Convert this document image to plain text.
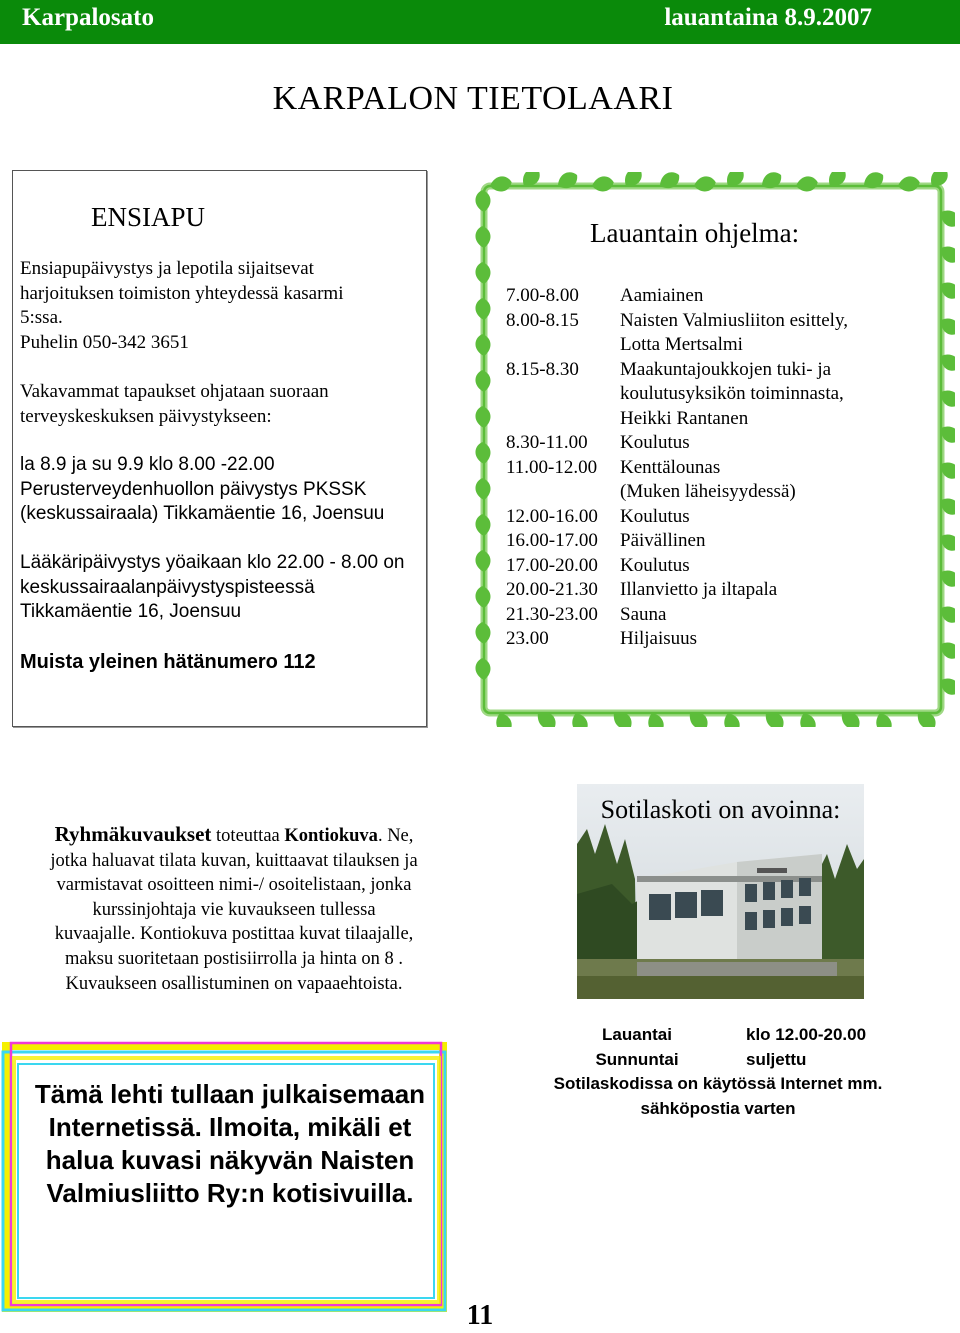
Karpalosato	lauantaina 8.9.2007
KARPALON TIETOLAARI
ENSIAPU
Ensiapupäivystys ja lepotila sijaitsevat
harjoituksen toimiston yhteydessä kasarmi
5:ssa.
Puhelin 050-342 3651
Vakavammat tapaukset ohjataan suoraan
terveyskeskuksen päivystykseen:
la 8.9 ja su 9.9 klo 8.00 -22.00
Perusterveydenhuollon päivystys PKSSK
(keskussairaala) Tikkamäentie 16, Joensuu
Lääkäripäivystys yöaikaan klo 22.00 - 8.00 on
keskussairaalanpäivystyspisteessä
Tikkamäentie 16, Joensuu
Muista yleinen hätänumero 112
Lauantain ohjelma:
7.00-8.00	Aamiainen
8.00-8.15	Naisten Valmiusliiton esittely,
	Lotta Mertsalmi
8.15-8.30	Maakuntajoukkojen tuki- ja
	koulutusyksikön toiminnasta,
	Heikki Rantanen
8.30-11.00	Koulutus
11.00-12.00	Kenttälounas
	(Muken läheisyydessä)
12.00-16.00	Koulutus
16.00-17.00	Päivällinen
17.00-20.00	Koulutus
20.00-21.30	Illanvietto ja iltapala
21.30-23.00	Sauna
23.00	Hiljaisuus
Ryhmäkuvaukset toteuttaa Kontiokuva. Ne,
jotka haluavat tilata kuvan, kuittaavat tilauksen ja
varmistavat osoitteen nimi-/ osoitelistaan, jonka
kurssinjohtaja vie kuvaukseen tullessa
kuvaajalle. Kontiokuva postittaa kuvat tilaajalle,
maksu suoritetaan postisiirrolla ja hinta on 8 .
Kuvaukseen osallistuminen on vapaaehtoista.
Sotilaskoti on avoinna:
Lauantai	klo 12.00-20.00
Sunnuntai	suljettu
Sotilaskodissa on käytössä Internet mm.
sähköpostia varten
Tämä lehti tullaan julkaisemaan
Internetissä. Ilmoita, mikäli et
halua kuvasi näkyvän Naisten
Valmiusliitto Ry:n kotisivuilla.
11
